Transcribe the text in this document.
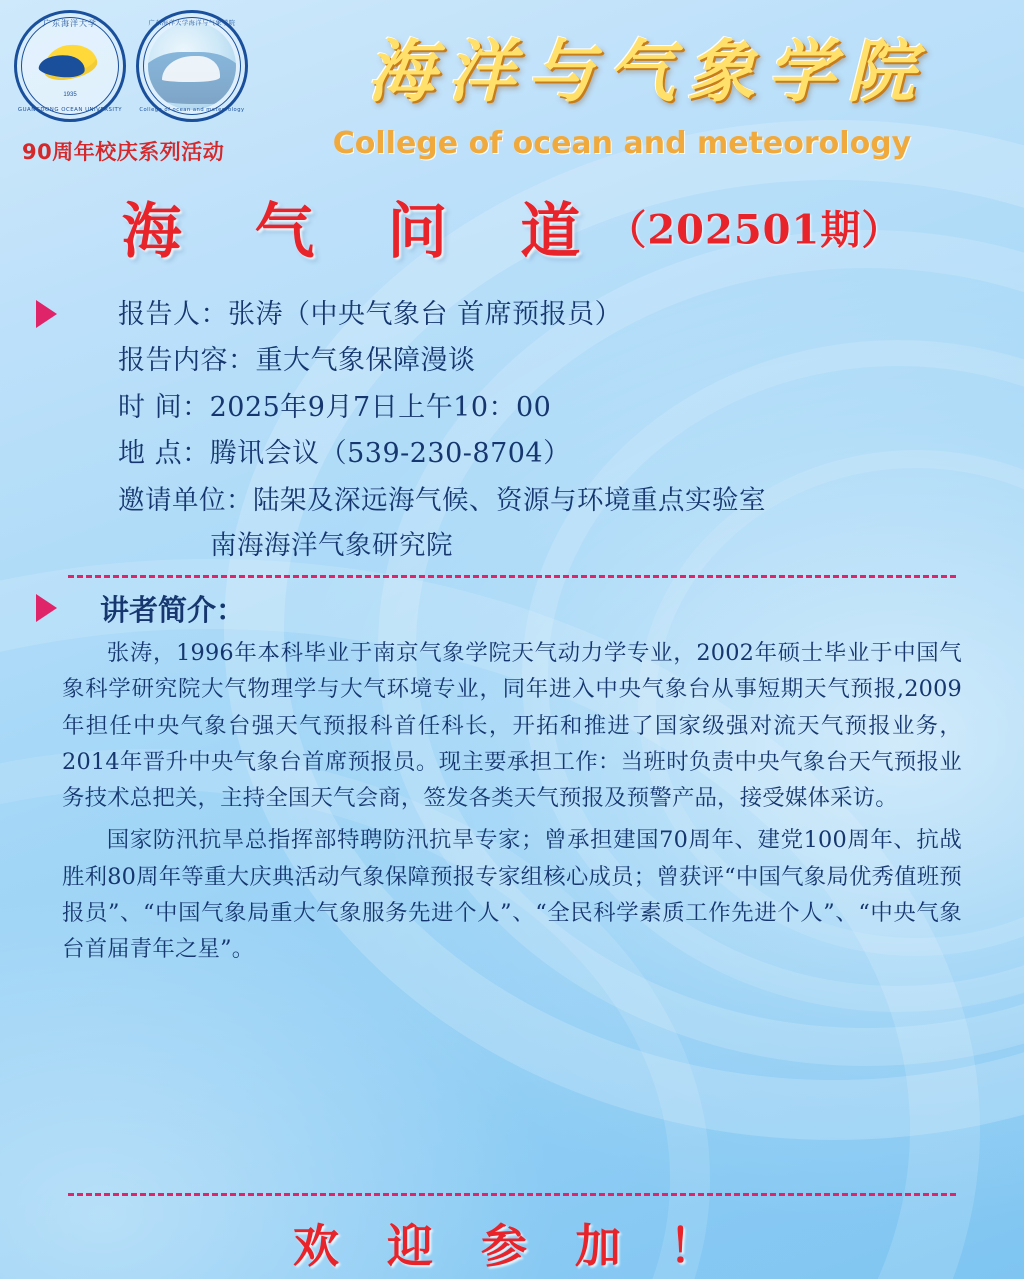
广东海洋大学
1935
GUANGDONG OCEAN UNIVERSITY
广东海洋大学海洋与气象学院
College of ocean and meteorology	海洋与气象学院
College of ocean and meteorology
90周年校庆系列活动
海 气 问 道（202501期）
报告人：张涛（中央气象台 首席预报员）
报告内容：重大气象保障漫谈
时 间：2025年9月7日上午10：00
地 点：腾讯会议（539-230-8704）
邀请单位：陆架及深远海气候、资源与环境重点实验室
南海海洋气象研究院
讲者简介：

张涛，1996年本科毕业于南京气象学院天气动力学专业，2002年硕士毕业于中国气象科学研究院大气物理学与大气环境专业，同年进入中央气象台从事短期天气预报,2009年担任中央气象台强天气预报科首任科长，开拓和推进了国家级强对流天气预报业务，2014年晋升中央气象台首席预报员。现主要承担工作：当班时负责中央气象台天气预报业务技术总把关，主持全国天气会商，签发各类天气预报及预警产品，接受媒体采访。

国家防汛抗旱总指挥部特聘防汛抗旱专家；曾承担建国70周年、建党100周年、抗战胜利80周年等重大庆典活动气象保障预报专家组核心成员；曾获评“中国气象局优秀值班预报员”、“中国气象局重大气象服务先进个人”、“全民科学素质工作先进个人”、“中央气象台首届青年之星”。

欢 迎 参 加 ！
